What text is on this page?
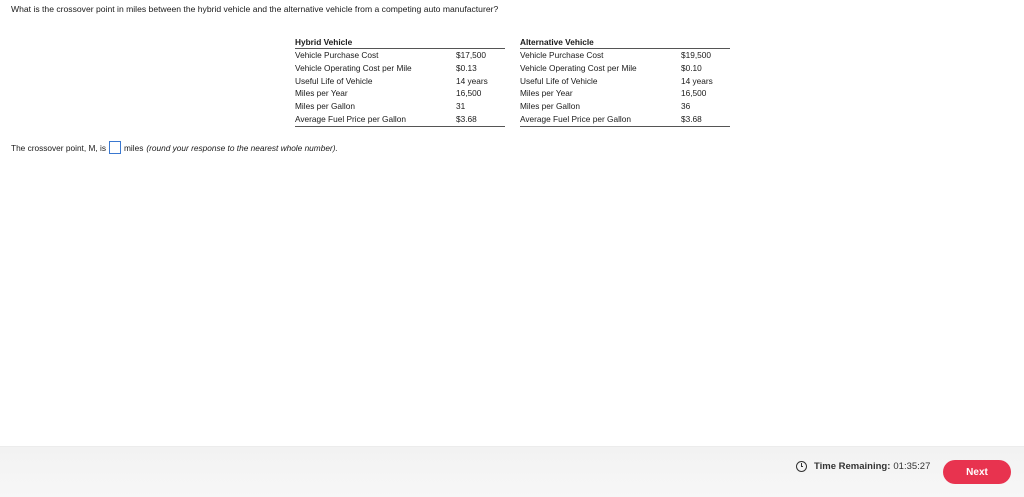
What is the crossover point in miles between the hybrid vehicle and the alternative vehicle from a competing auto manufacturer?
Hybrid Vehicle
Vehicle Purchase Cost	$17,500
Vehicle Operating Cost per Mile	$0.13
Useful Life of Vehicle	14 years
Miles per Year	16,500
Miles per Gallon	31
Average Fuel Price per Gallon	$3.68
Alternative Vehicle
Vehicle Purchase Cost	$19,500
Vehicle Operating Cost per Mile	$0.10
Useful Life of Vehicle	14 years
Miles per Year	16,500
Miles per Gallon	36
Average Fuel Price per Gallon	$3.68
The crossover point, M, is miles (round your response to the nearest whole number).
Time Remaining: 01:35:27	Next
